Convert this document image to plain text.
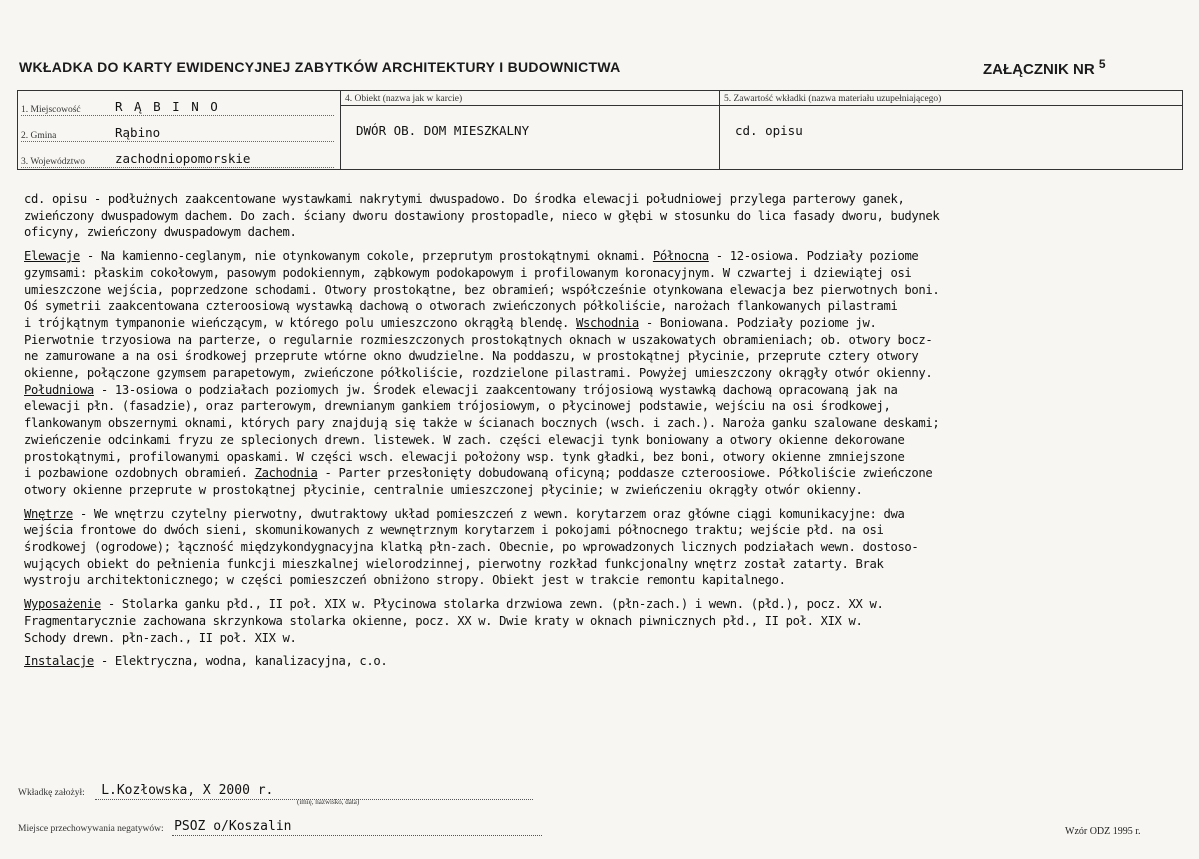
WKŁADKA DO KARTY EWIDENCYJNEJ ZABYTKÓW ARCHITEKTURY I BUDOWNICTWA	ZAŁĄCZNIK NR $^5$
1. Miejscowość	R Ą B I N O
2. Gmina	Rąbino
3. Województwo zachodniopomorskie
4. Obiekt (nazwa jak w karcie)
DWÓR OB. DOM MIESZKALNY
5. Zawartość wkładki (nazwa materiału uzupełniającego)
cd. opisu
cd. opisu - podłużnych zaakcentowane wystawkami nakrytymi dwuspadowo. Do środka elewacji południowej przylega parterowy ganek,
zwieńczony dwuspadowym dachem. Do zach. ściany dworu dostawiony prostopadle, nieco w głębi w stosunku do lica fasady dworu, budynek
oficyny, zwieńczony dwuspadowym dachem.
Elewacje - Na kamienno-ceglanym, nie otynkowanym cokole, przeprutym prostokątnymi oknami. Północna - 12-osiowa. Podziały poziome
gzymsami: płaskim cokołowym, pasowym podokiennym, ząbkowym podokapowym i profilowanym koronacyjnym. W czwartej i dziewiątej osi
umieszczone wejścia, poprzedzone schodami. Otwory prostokątne, bez obramień; współcześnie otynkowana elewacja bez pierwotnych boni.
Oś symetrii zaakcentowana czteroosiową wystawką dachową o otworach zwieńczonych półkoliście, narożach flankowanych pilastrami
i trójkątnym tympanonie wieńczącym, w którego polu umieszczono okrągłą blendę. Wschodnia - Boniowana. Podziały poziome jw.
Pierwotnie trzyosiowa na parterze, o regularnie rozmieszczonych prostokątnych oknach w uszakowatych obramieniach; ob. otwory bocz-
ne zamurowane a na osi środkowej przeprute wtórne okno dwudzielne. Na poddaszu, w prostokątnej płycinie, przeprute cztery otwory
okienne, połączone gzymsem parapetowym, zwieńczone półkoliście, rozdzielone pilastrami. Powyżej umieszczony okrągły otwór okienny.
Południowa - 13-osiowa o podziałach poziomych jw. Środek elewacji zaakcentowany trójosiową wystawką dachową opracowaną jak na
elewacji płn. (fasadzie), oraz parterowym, drewnianym gankiem trójosiowym, o płycinowej podstawie, wejściu na osi środkowej,
flankowanym obszernymi oknami, których pary znajdują się także w ścianach bocznych (wsch. i zach.). Naroża ganku szalowane deskami;
zwieńczenie odcinkami fryzu ze splecionych drewn. listewek. W zach. części elewacji tynk boniowany a otwory okienne dekorowane
prostokątnymi, profilowanymi opaskami. W części wsch. elewacji położony wsp. tynk gładki, bez boni, otwory okienne zmniejszone
i pozbawione ozdobnych obramień. Zachodnia - Parter przesłonięty dobudowaną oficyną; poddasze czteroosiowe. Półkoliście zwieńczone
otwory okienne przeprute w prostokątnej płycinie, centralnie umieszczonej płycinie; w zwieńczeniu okrągły otwór okienny.
Wnętrze - We wnętrzu czytelny pierwotny, dwutraktowy układ pomieszczeń z wewn. korytarzem oraz główne ciągi komunikacyjne: dwa
wejścia frontowe do dwóch sieni, skomunikowanych z wewnętrznym korytarzem i pokojami północnego traktu; wejście płd. na osi
środkowej (ogrodowe); łączność międzykondygnacyjna klatką płn-zach. Obecnie, po wprowadzonych licznych podziałach wewn. dostoso-
wujących obiekt do pełnienia funkcji mieszkalnej wielorodzinnej, pierwotny rozkład funkcjonalny wnętrz został zatarty. Brak
wystroju architektonicznego; w części pomieszczeń obniżono stropy. Obiekt jest w trakcie remontu kapitalnego.
Wyposażenie - Stolarka ganku płd., II poł. XIX w. Płycinowa stolarka drzwiowa zewn. (płn-zach.) i wewn. (płd.), pocz. XX w.
Fragmentarycznie zachowana skrzynkowa stolarka okienne, pocz. XX w. Dwie kraty w oknach piwnicznych płd., II poł. XIX w.
Schody drewn. płn-zach., II poł. XIX w.
Instalacje - Elektryczna, wodna, kanalizacyjna, c.o.
Wkładkę założył: L.Kozłowska, X 2000 r.
(imię, nazwisko, data)
Miejsce przechowywania negatywów: PSOZ o/Koszalin	Wzór ODZ 1995 r.
